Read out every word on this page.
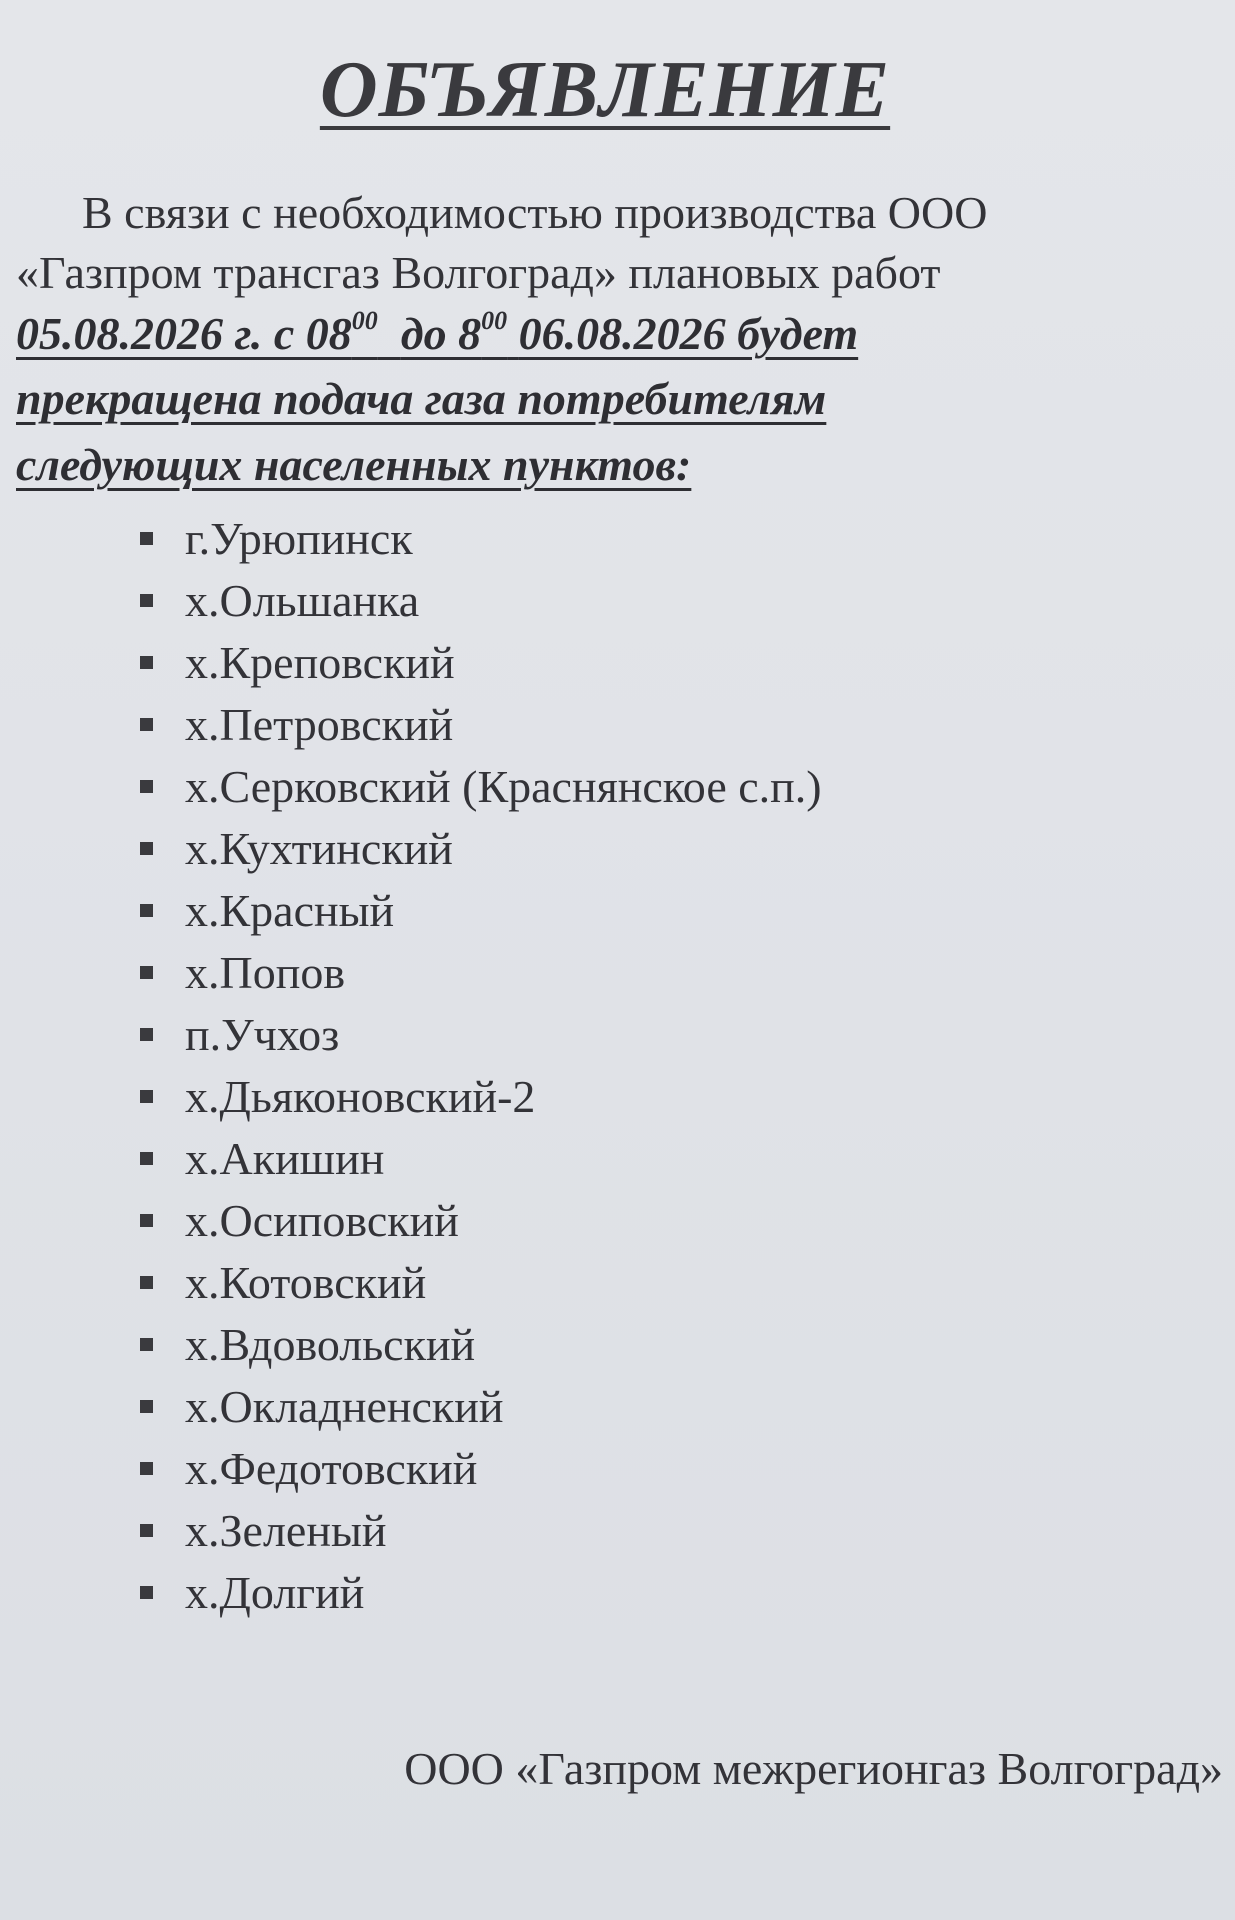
ОБЪЯВЛЕНИЕ
В связи с необходимостью производства ООО
«Газпром трансгаз Волгоград» плановых работ
05.08.2026 г. с $08^{00}$ до $8^{00}$ 06.08.2026 будет
прекращена подача газа потребителям
следующих населенных пунктов:
г.Урюпинск
х.Ольшанка
х.Креповский
х.Петровский
х.Серковский (Краснянское с.п.)
х.Кухтинский
х.Красный
х.Попов
п.Учхоз
х.Дьяконовский-2
х.Акишин
х.Осиповский
х.Котовский
х.Вдовольский
х.Окладненский
х.Федотовский
х.Зеленый
х.Долгий
ООО «Газпром межрегионгаз Волгоград»
